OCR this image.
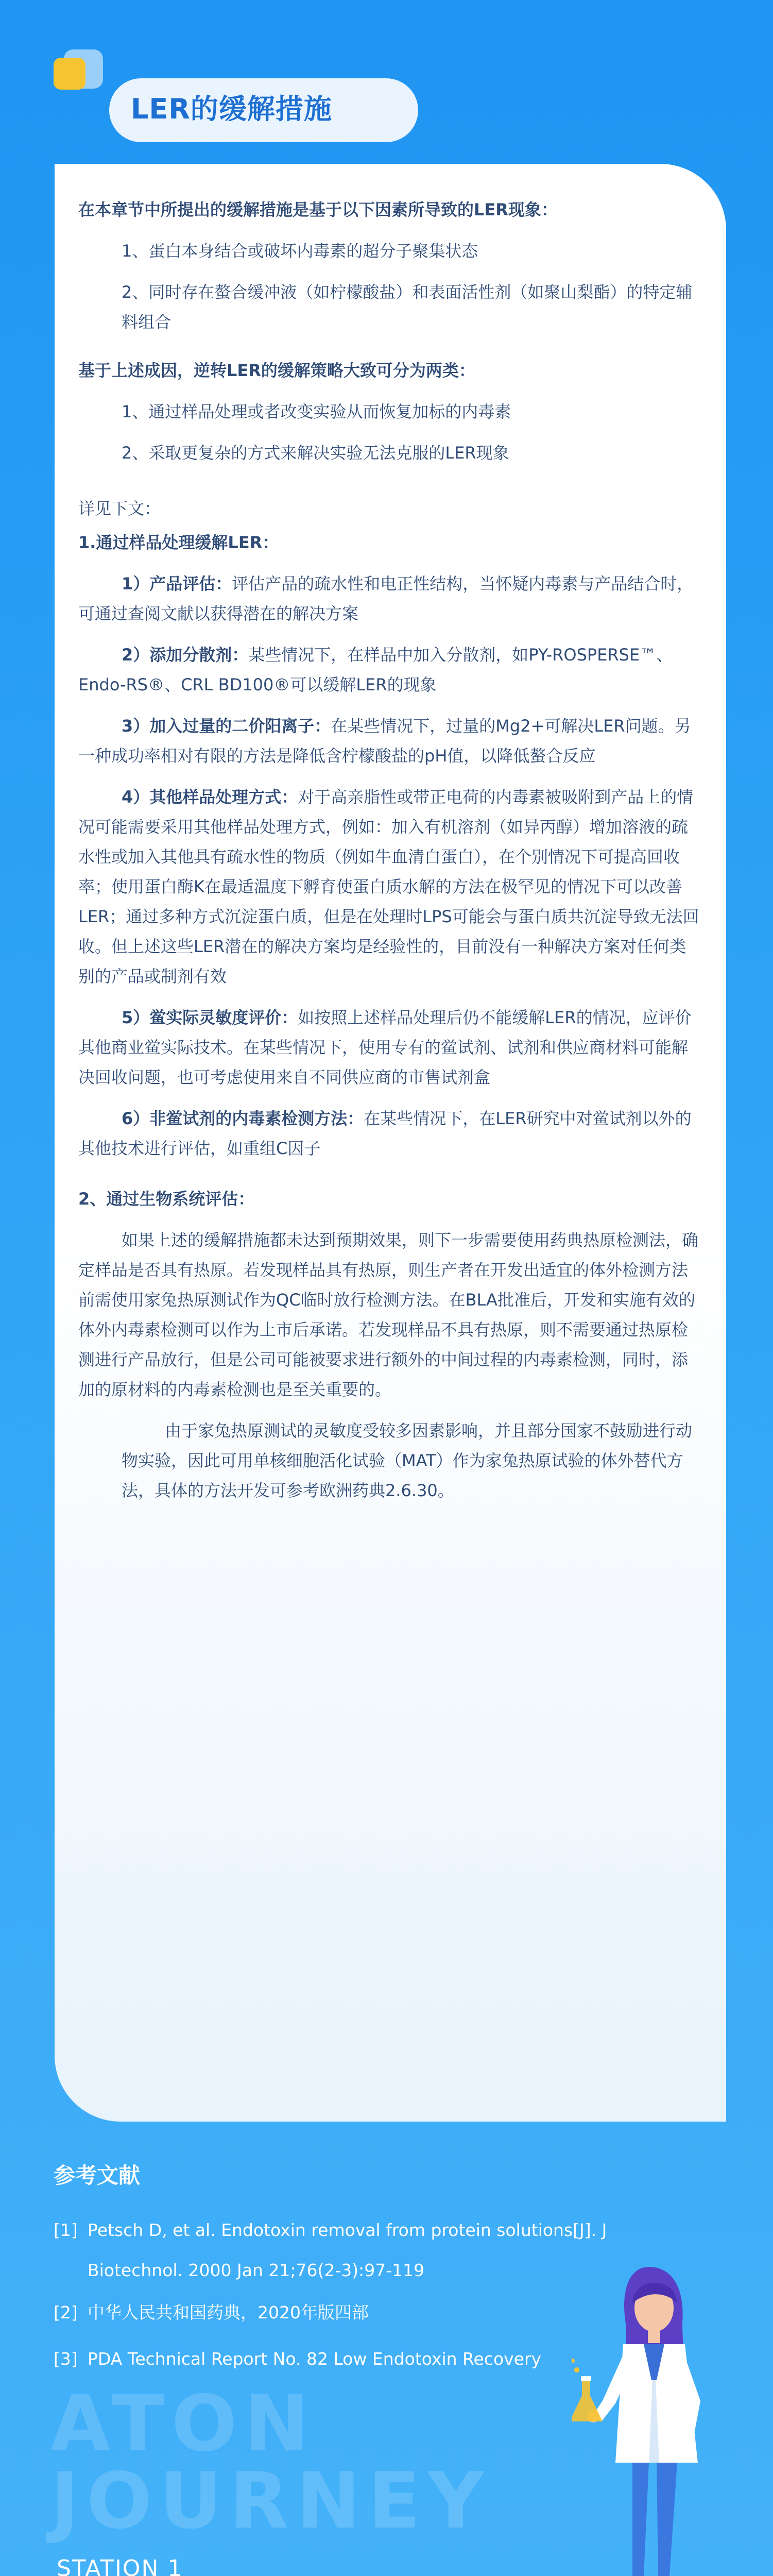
LER的缓解措施

在本章节中所提出的缓解措施是基于以下因素所导致的LER现象：

1、蛋白本身结合或破坏内毒素的超分子聚集状态

2、同时存在螯合缓冲液（如柠檬酸盐）和表面活性剂（如聚山梨酯）的特定辅料组合

基于上述成因，逆转LER的缓解策略大致可分为两类：

1、通过样品处理或者改变实验从而恢复加标的内毒素

2、采取更复杂的方式来解决实验无法克服的LER现象

详见下文：

1.通过样品处理缓解LER：

1）产品评估：评估产品的疏水性和电正性结构，当怀疑内毒素与产品结合时，可通过查阅文献以获得潜在的解决方案

2）添加分散剂：某些情况下，在样品中加入分散剂，如PY-ROSPERSE™、Endo-RS®、CRL BD100®可以缓解LER的现象

3）加入过量的二价阳离子：在某些情况下，过量的Mg2+可解决LER问题。另一种成功率相对有限的方法是降低含柠檬酸盐的pH值，以降低螯合反应

4）其他样品处理方式：对于高亲脂性或带正电荷的内毒素被吸附到产品上的情况可能需要采用其他样品处理方式，例如：加入有机溶剂（如异丙醇）增加溶液的疏水性或加入其他具有疏水性的物质（例如牛血清白蛋白），在个别情况下可提高回收率；使用蛋白酶K在最适温度下孵育使蛋白质水解的方法在极罕见的情况下可以改善LER；通过多种方式沉淀蛋白质，但是在处理时LPS可能会与蛋白质共沉淀导致无法回收。但上述这些LER潜在的解决方案均是经验性的，目前没有一种解决方案对任何类别的产品或制剂有效

5）鲎实际灵敏度评价：如按照上述样品处理后仍不能缓解LER的情况，应评价其他商业鲎实际技术。在某些情况下，使用专有的鲎试剂、试剂和供应商材料可能解决回收问题，也可考虑使用来自不同供应商的市售试剂盒

6）非鲎试剂的内毒素检测方法：在某些情况下，在LER研究中对鲎试剂以外的其他技术进行评估，如重组C因子

2、通过生物系统评估：

如果上述的缓解措施都未达到预期效果，则下一步需要使用药典热原检测法，确定样品是否具有热原。若发现样品具有热原，则生产者在开发出适宜的体外检测方法前需使用家兔热原测试作为QC临时放行检测方法。在BLA批准后，开发和实施有效的体外内毒素检测可以作为上市后承诺。若发现样品不具有热原，则不需要通过热原检测进行产品放行，但是公司可能被要求进行额外的中间过程的内毒素检测，同时，添加的原材料的内毒素检测也是至关重要的。

由于家兔热原测试的灵敏度受较多因素影响，并且部分国家不鼓励进行动物实验，因此可用单核细胞活化试验（MAT）作为家兔热原试验的体外替代方法，具体的方法开发可参考欧洲药典2.6.30。

参考文献
[1] Petsch D, et al. Endotoxin removal from protein solutions[J]. J
Biotechnol. 2000 Jan 21;76(2-3):97-119
[2] 中华人民共和国药典，2020年版四部
[3] PDA Technical Report No. 82 Low Endotoxin Recovery
ATON
JOURNEY
STATION 1
